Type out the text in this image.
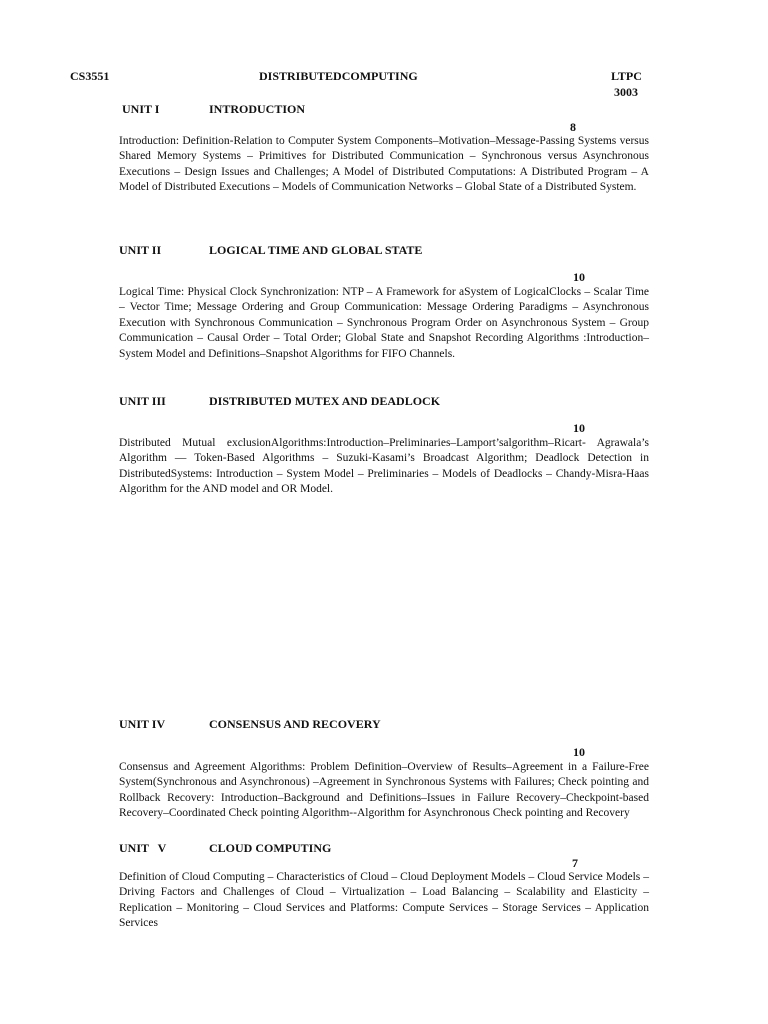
CS3551	DISTRIBUTEDCOMPUTING	LTPC
3003
UNIT I	INTRODUCTION
8

Introduction: Definition-Relation to Computer System Components–Motivation–Message-Passing Systems versus Shared Memory Systems – Primitives for Distributed Communication – Synchronous versus Asynchronous Executions – Design Issues and Challenges; A Model of Distributed Computations: A Distributed Program – A Model of Distributed Executions – Models of Communication Networks – Global State of a Distributed System.

UNIT II	LOGICAL TIME AND GLOBAL STATE
10

Logical Time: Physical Clock Synchronization: NTP – A Framework for aSystem of LogicalClocks – Scalar Time – Vector Time; Message Ordering and Group Communication: Message Ordering Paradigms – Asynchronous Execution with Synchronous Communication – Synchronous Program Order on Asynchronous System – Group Communication – Causal Order – Total Order; Global State and Snapshot Recording Algorithms :Introduction–System Model and Definitions–Snapshot Algorithms for FIFO Channels.

UNIT III	DISTRIBUTED MUTEX AND DEADLOCK
10

Distributed Mutual exclusionAlgorithms:Introduction–Preliminaries–Lamport’salgorithm–Ricart- Agrawala’s Algorithm — Token-Based Algorithms – Suzuki-Kasami’s Broadcast Algorithm; Deadlock Detection in DistributedSystems: Introduction – System Model – Preliminaries – Models of Deadlocks – Chandy-Misra-Haas Algorithm for the AND model and OR Model.

UNIT IV	CONSENSUS AND RECOVERY
10

Consensus and Agreement Algorithms: Problem Definition–Overview of Results–Agreement in a Failure-Free System(Synchronous and Asynchronous) –Agreement in Synchronous Systems with Failures; Check pointing and Rollback Recovery: Introduction–Background and Definitions–Issues in Failure Recovery–Checkpoint-based Recovery–Coordinated Check pointing Algorithm--Algorithm for Asynchronous Check pointing and Recovery

UNIT V	CLOUD COMPUTING
7

Definition of Cloud Computing – Characteristics of Cloud – Cloud Deployment Models – Cloud Service Models – Driving Factors and Challenges of Cloud – Virtualization – Load Balancing – Scalability and Elasticity – Replication – Monitoring – Cloud Services and Platforms: Compute Services – Storage Services – Application Services
